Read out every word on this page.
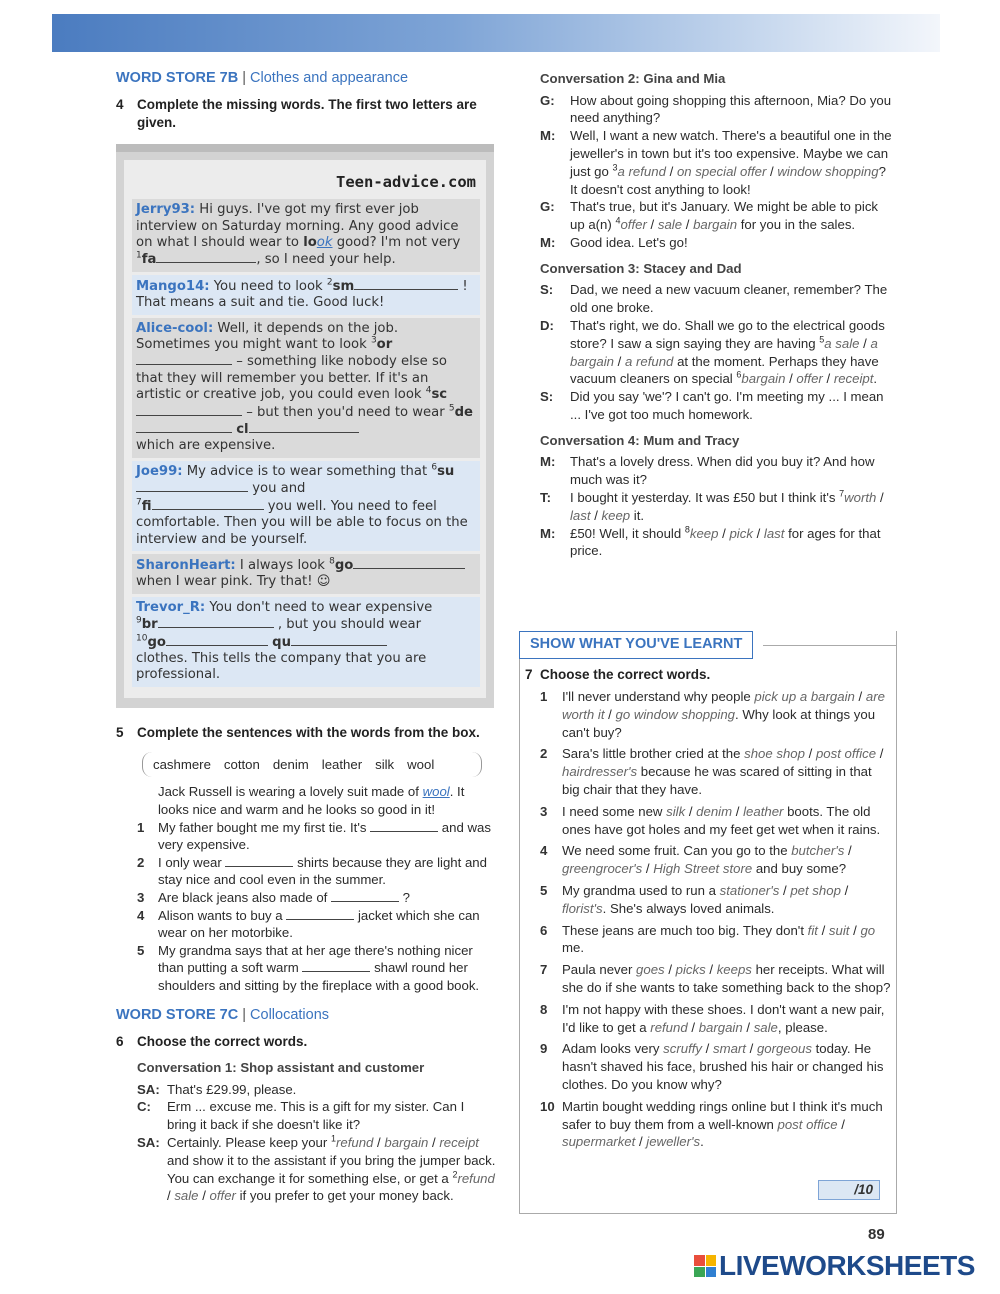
WORD STORE 7B | Clothes and appearance
4 Complete the missing words. The first two letters are given.
Teen-advice.com
Jerry93: Hi guys. I've got my first ever job interview on Saturday morning. Any good advice on what I should wear to look good? I'm not very $^1$fa	, so I need your help.
Mango14: You need to look $^2$sm	! That means a suit and tie. Good luck!
Alice-cool: Well, it depends on the job. Sometimes you might want to look $^3$or – something like nobody else so that they will remember you better. If it's an artistic or creative job, you could even look $^4$sc – but then you'd need to wear $^5$de cl
which are expensive.
Joe99: My advice is to wear something that $^6$su you and
$^7$fi	you well. You need to feel comfortable. Then you will be able to focus on the interview and be yourself.
SharonHeart: I always look $^8$go
when I wear pink. Try that! ☺
Trevor_R: You don't need to wear expensive
$^9$br	, but you should wear
$^{10}$go	qu
clothes. This tells the company that you are professional.
5 Complete the sentences with the words from the box.
cashmere cotton denim leather silk wool
Jack Russell is wearing a lovely suit made of wool. It looks nice and warm and he looks so good in it!
1	My father bought me my first tie. It's	and was very expensive.
2	I only wear	shirts because they are light and stay nice and cool even in the summer.
3	Are black jeans also made of	?
4	Alison wants to buy a	jacket which she can wear on her motorbike.
5	My grandma says that at her age there's nothing nicer than putting a soft warm	shawl round her shoulders and sitting by the fireplace with a good book.
WORD STORE 7C | Collocations
6 Choose the correct words.
Conversation 1: Shop assistant and customer
SA: That's £29.99, please.
C:	Erm ... excuse me. This is a gift for my sister. Can I bring it back if she doesn't like it?
SA: Certainly. Please keep your $^1$refund / bargain / receipt and show it to the assistant if you bring the jumper back. You can exchange it for something else, or get a $^2$refund / sale / offer if you prefer to get your money back.
Conversation 2: Gina and Mia
G:	How about going shopping this afternoon, Mia? Do you need anything?
M:	Well, I want a new watch. There's a beautiful one in the jeweller's in town but it's too expensive. Maybe we can just go $^3$a refund / on special offer / window shopping? It doesn't cost anything to look!
G:	That's true, but it's January. We might be able to pick up a(n) $^4$offer / sale / bargain for you in the sales.
M:	Good idea. Let's go!
Conversation 3: Stacey and Dad
S:	Dad, we need a new vacuum cleaner, remember? The old one broke.
D:	That's right, we do. Shall we go to the electrical goods store? I saw a sign saying they are having $^5$a sale / a bargain / a refund at the moment. Perhaps they have vacuum cleaners on special $^6$bargain / offer / receipt.
S:	Did you say 'we'? I can't go. I'm meeting my ... I mean ... I've got too much homework.
Conversation 4: Mum and Tracy
M:	That's a lovely dress. When did you buy it? And how much was it?
T:	I bought it yesterday. It was £50 but I think it's $^7$worth / last / keep it.
M:	£50! Well, it should $^8$keep / pick / last for ages for that price.
SHOW WHAT YOU'VE LEARNT
7 Choose the correct words.
1	I'll never understand why people pick up a bargain / are worth it / go window shopping. Why look at things you can't buy?
2	Sara's little brother cried at the shoe shop / post office / hairdresser's because he was scared of sitting in that big chair that they have.
3	I need some new silk / denim / leather boots. The old ones have got holes and my feet get wet when it rains.
4	We need some fruit. Can you go to the butcher's / greengrocer's / High Street store and buy some?
5	My grandma used to run a stationer's / pet shop / florist's. She's always loved animals.
6	These jeans are much too big. They don't fit / suit / go me.
7	Paula never goes / picks / keeps her receipts. What will she do if she wants to take something back to the shop?
8	I'm not happy with these shoes. I don't want a new pair, I'd like to get a refund / bargain / sale, please.
9	Adam looks very scruffy / smart / gorgeous today. He hasn't shaved his face, brushed his hair or changed his clothes. Do you know why?
10 Martin bought wedding rings online but I think it's much safer to buy them from a well-known post office / supermarket / jeweller's.
/10
89
LIVEWORKSHEETS
